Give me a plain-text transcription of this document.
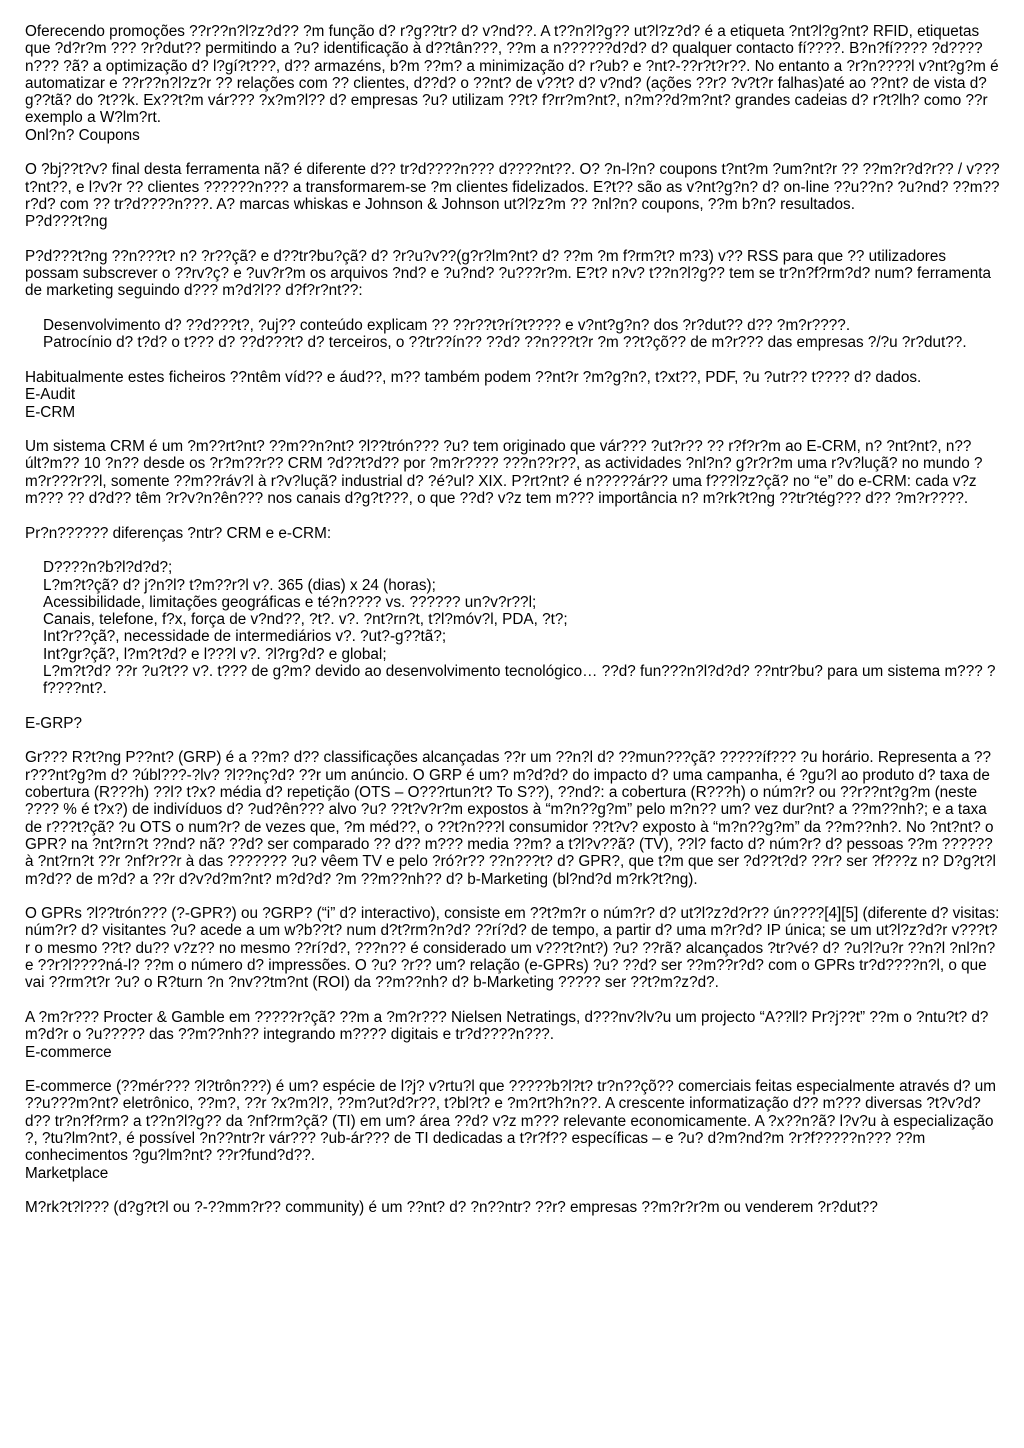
Oferecendo promoções ??r??n?l?z?d?? ?m função d? r?g??tr? d? v?nd??. A t??n?l?g?? ut?l?z?d? é a etiqueta ?nt?l?g?nt? RFID, etiquetas que ?d?r?m ??? ?r?dut?? permitindo a ?u? identificação à d??tân???, ??m a n??????d?d? d? qualquer contacto fí????. B?n?fí???? ?d????n??? ?ã? a optimização d? l?gí?t???, d?? armazéns, b?m ??m? a minimização d? r?ub? e ?nt?-??r?t?r??. No entanto a ?r?n????l v?nt?g?m é automatizar e ??r??n?l?z?r ?? relações com ?? clientes, d??d? o ??nt? de v??t? d? v?nd? (ações ??r? ?v?t?r falhas)até ao ??nt? de vista d? g??tã? do ?t??k. Ex??t?m vár??? ?x?m?l?? d? empresas ?u? utilizam ??t? f?rr?m?nt?, n?m??d?m?nt? grandes cadeias d? r?t?lh? como ??r exemplo a W?lm?rt.

Onl?n? Coupons

O ?bj??t?v? final desta ferramenta nã? é diferente d?? tr?d????n??? d????nt??. O? ?n-l?n? coupons t?nt?m ?um?nt?r ?? ??m?r?d?r?? / v???t?nt??, e l?v?r ?? clientes ??????n??? a transformarem-se ?m clientes fidelizados. E?t?? são as v?nt?g?n? d? on-line ??u??n? ?u?nd? ??m??r?d? com ?? tr?d????n???. A? marcas whiskas e Johnson & Johnson ut?l?z?m ?? ?nl?n? coupons, ??m b?n? resultados.

P?d???t?ng

P?d???t?ng ??n???t? n? ?r??çã? e d??tr?bu?çã? d? ?r?u?v??(g?r?lm?nt? d? ??m ?m f?rm?t? m?3) v?? RSS para que ?? utilizadores possam subscrever o ??rv?ç? e ?uv?r?m os arquivos ?nd? e ?u?nd? ?u???r?m. E?t? n?v? t??n?l?g?? tem se tr?n?f?rm?d? num? ferramenta de marketing seguindo d??? m?d?l?? d?f?r?nt??:

Desenvolvimento d? ??d???t?, ?uj?? conteúdo explicam ?? ??r??t?rí?t???? e v?nt?g?n? dos ?r?dut?? d?? ?m?r????.

Patrocínio d? t?d? o t??? d? ??d???t? d? terceiros, o ??tr??ín?? ??d? ??n???t?r ?m ??t?çõ?? de m?r??? das empresas ?/?u ?r?dut??.

Habitualmente estes ficheiros ??ntêm víd?? e áud??, m?? também podem ??nt?r ?m?g?n?, t?xt??, PDF, ?u ?utr?? t???? d? dados.

E-Audit

E-CRM

Um sistema CRM é um ?m??rt?nt? ??m??n?nt? ?l??trón??? ?u? tem originado que vár??? ?ut?r?? ?? r?f?r?m ao E-CRM, n? ?nt?nt?, n?? últ?m?? 10 ?n?? desde os ?r?m??r?? CRM ?d??t?d?? por ?m?r???? ???n??r??, as actividades ?nl?n? g?r?r?m uma r?v?luçã? no mundo ?m?r???r??l, somente ??m??ráv?l à r?v?luçã? industrial d? ?é?ul? XIX. P?rt?nt? é n?????ár?? uma f???l?z?çã? no “e” do e-CRM: cada v?z m??? ?? d?d?? têm ?r?v?n?ên??? nos canais d?g?t???, o que ??d? v?z tem m??? importância n? m?rk?t?ng ??tr?tég??? d?? ?m?r????.

Pr?n?????? diferenças ?ntr? CRM e e-CRM:

D????n?b?l?d?d?;

L?m?t?çã? d? j?n?l? t?m??r?l v?. 365 (dias) x 24 (horas);

Acessibilidade, limitações geográficas e té?n???? vs. ?????? un?v?r??l;

Canais, telefone, f?x, força de v?nd??, ?t?. v?. ?nt?rn?t, t?l?móv?l, PDA, ?t?;

Int?r??çã?, necessidade de intermediários v?. ?ut?-g??tã?;

Int?gr?çã?, l?m?t?d? e l???l v?. ?l?rg?d? e global;

L?m?t?d? ??r ?u?t?? v?. t??? de g?m? devido ao desenvolvimento tecnológico… ??d? fun???n?l?d?d? ??ntr?bu? para um sistema m??? ?f????nt?.

E-GRP?

Gr??? R?t?ng P??nt? (GRP) é a ??m? d?? classificações alcançadas ??r um ??n?l d? ??mun???çã? ?????íf??? ?u horário. Representa a ??r???nt?g?m d? ?úbl???-?lv? ?l??nç?d? ??r um anúncio. O GRP é um? m?d?d? do impacto d? uma campanha, é ?gu?l ao produto d? taxa de cobertura (R???h) ??l? t?x? média d? repetição (OTS – O???rtun?t? To S??), ??nd?: a cobertura (R???h) o núm?r? ou ??r??nt?g?m (neste ???? % é t?x?) de indivíduos d? ?ud?ên??? alvo ?u? ??t?v?r?m expostos à “m?n??g?m” pelo m?n?? um? vez dur?nt? a ??m??nh?; e a taxa de r???t?çã? ?u OTS o num?r? de vezes que, ?m méd??, o ??t?n???l consumidor ??t?v? exposto à “m?n??g?m” da ??m??nh?. No ?nt?nt? o GPR? na ?nt?rn?t ??nd? nã? ??d? ser comparado ?? d?? m??? media ??m? a t?l?v??ã? (TV), ??l? facto d? núm?r? d? pessoas ??m ?????? à ?nt?rn?t ??r ?nf?r??r à das ??????? ?u? vêem TV e pelo ?ró?r?? ??n???t? d? GPR?, que t?m que ser ?d??t?d? ??r? ser ?f???z n? D?g?t?l m?d?? de m?d? a ??r d?v?d?m?nt? m?d?d? ?m ??m??nh?? d? b-Marketing (bl?nd?d m?rk?t?ng).

O GPRs ?l??trón??? (?-GPR?) ou ?GRP? (“i” d? interactivo), consiste em ??t?m?r o núm?r? d? ut?l?z?d?r?? ún????[4][5] (diferente d? visitas: núm?r? d? visitantes ?u? acede a um w?b??t? num d?t?rm?n?d? ??rí?d? de tempo, a partir d? uma m?r?d? IP única; se um ut?l?z?d?r v???t?r o mesmo ??t? du?? v?z?? no mesmo ??rí?d?, ???n?? é considerado um v???t?nt?) ?u? ??rã? alcançados ?tr?vé? d? ?u?l?u?r ??n?l ?nl?n? e ??r?l????ná-l? ??m o número d? impressões. O ?u? ?r?? um? relação (e-GPRs) ?u? ??d? ser ??m??r?d? com o GPRs tr?d????n?l, o que vai ??rm?t?r ?u? o R?turn ?n ?nv??tm?nt (ROI) da ??m??nh? d? b-Marketing ????? ser ??t?m?z?d?.

A ?m?r??? Procter & Gamble em ?????r?çã? ??m a ?m?r??? Nielsen Netratings, d???nv?lv?u um projecto “A??ll? Pr?j??t” ??m o ?ntu?t? d? m?d?r o ?u????? das ??m??nh?? integrando m???? digitais e tr?d????n???.

E-commerce

E-commerce (??mér??? ?l?trôn???) é um? espécie de l?j? v?rtu?l que ?????b?l?t? tr?n??çõ?? comerciais feitas especialmente através d? um ??u???m?nt? eletrônico, ??m?, ??r ?x?m?l?, ??m?ut?d?r??, t?bl?t? e ?m?rt?h?n??. A crescente informatização d?? m??? diversas ?t?v?d?d?? tr?n?f?rm? a t??n?l?g?? da ?nf?rm?çã? (TI) em um? área ??d? v?z m??? relevante economicamente. A ?x??n?ã? l?v?u à especialização ?, ?tu?lm?nt?, é possível ?n??ntr?r vár??? ?ub-ár??? de TI dedicadas a t?r?f?? específicas – e ?u? d?m?nd?m ?r?f?????n??? ??m conhecimentos ?gu?lm?nt? ??r?fund?d??.

Marketplace

M?rk?t?l??? (d?g?t?l ou ?-??mm?r?? community) é um ??nt? d? ?n??ntr? ??r? empresas ??m?r?r?m ou venderem ?r?dut??
